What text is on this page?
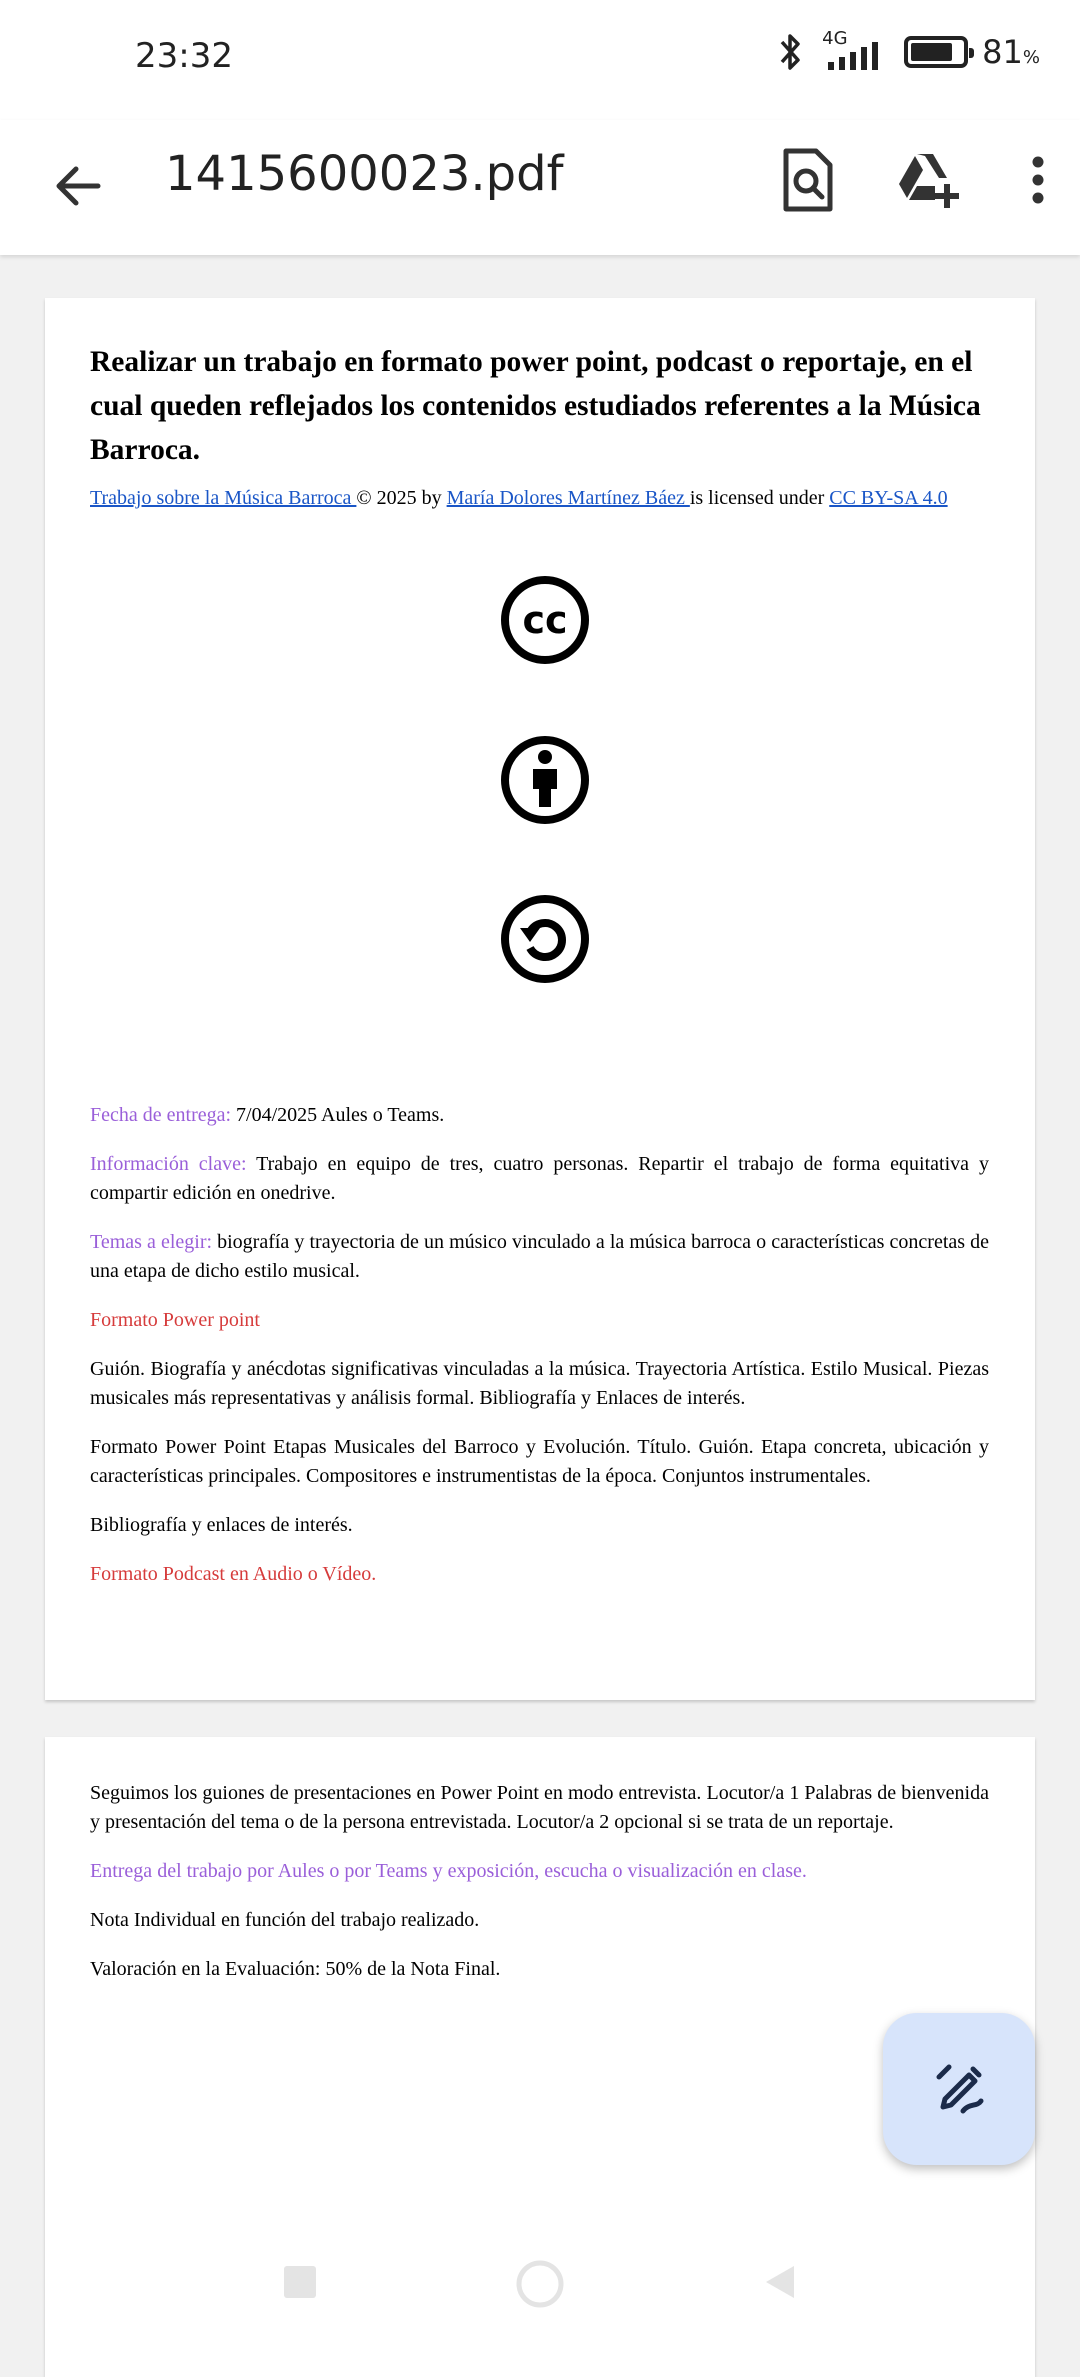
23:32	4G	81%
1415600023.pdf
Realizar un trabajo en formato power point, podcast o reportaje, en el cual queden reflejados los contenidos estudiados referentes a la Música Barroca.
Trabajo sobre la Música Barroca © 2025 by María Dolores Martínez Báez is licensed under CC BY-SA 4.0
cc

Fecha de entrega: 7/04/2025 Aules o Teams.

Información clave: Trabajo en equipo de tres, cuatro personas. Repartir el trabajo de forma equitativa y compartir edición en onedrive.

Temas a elegir: biografía y trayectoria de un músico vinculado a la música barroca o características concretas de una etapa de dicho estilo musical.

Formato Power point

Guión. Biografía y anécdotas significativas vinculadas a la música. Trayectoria Artística. Estilo Musical. Piezas musicales más representativas y análisis formal. Bibliografía y Enlaces de interés.

Formato Power Point Etapas Musicales del Barroco y Evolución. Título. Guión. Etapa concreta, ubicación y características principales. Compositores e instrumentistas de la época. Conjuntos instrumentales.

Bibliografía y enlaces de interés.

Formato Podcast en Audio o Vídeo.

Seguimos los guiones de presentaciones en Power Point en modo entrevista. Locutor/a 1 Palabras de bienvenida y presentación del tema o de la persona entrevistada. Locutor/a 2 opcional si se trata de un reportaje.

Entrega del trabajo por Aules o por Teams y exposición, escucha o visualización en clase.

Nota Individual en función del trabajo realizado.

Valoración en la Evaluación: 50% de la Nota Final.
